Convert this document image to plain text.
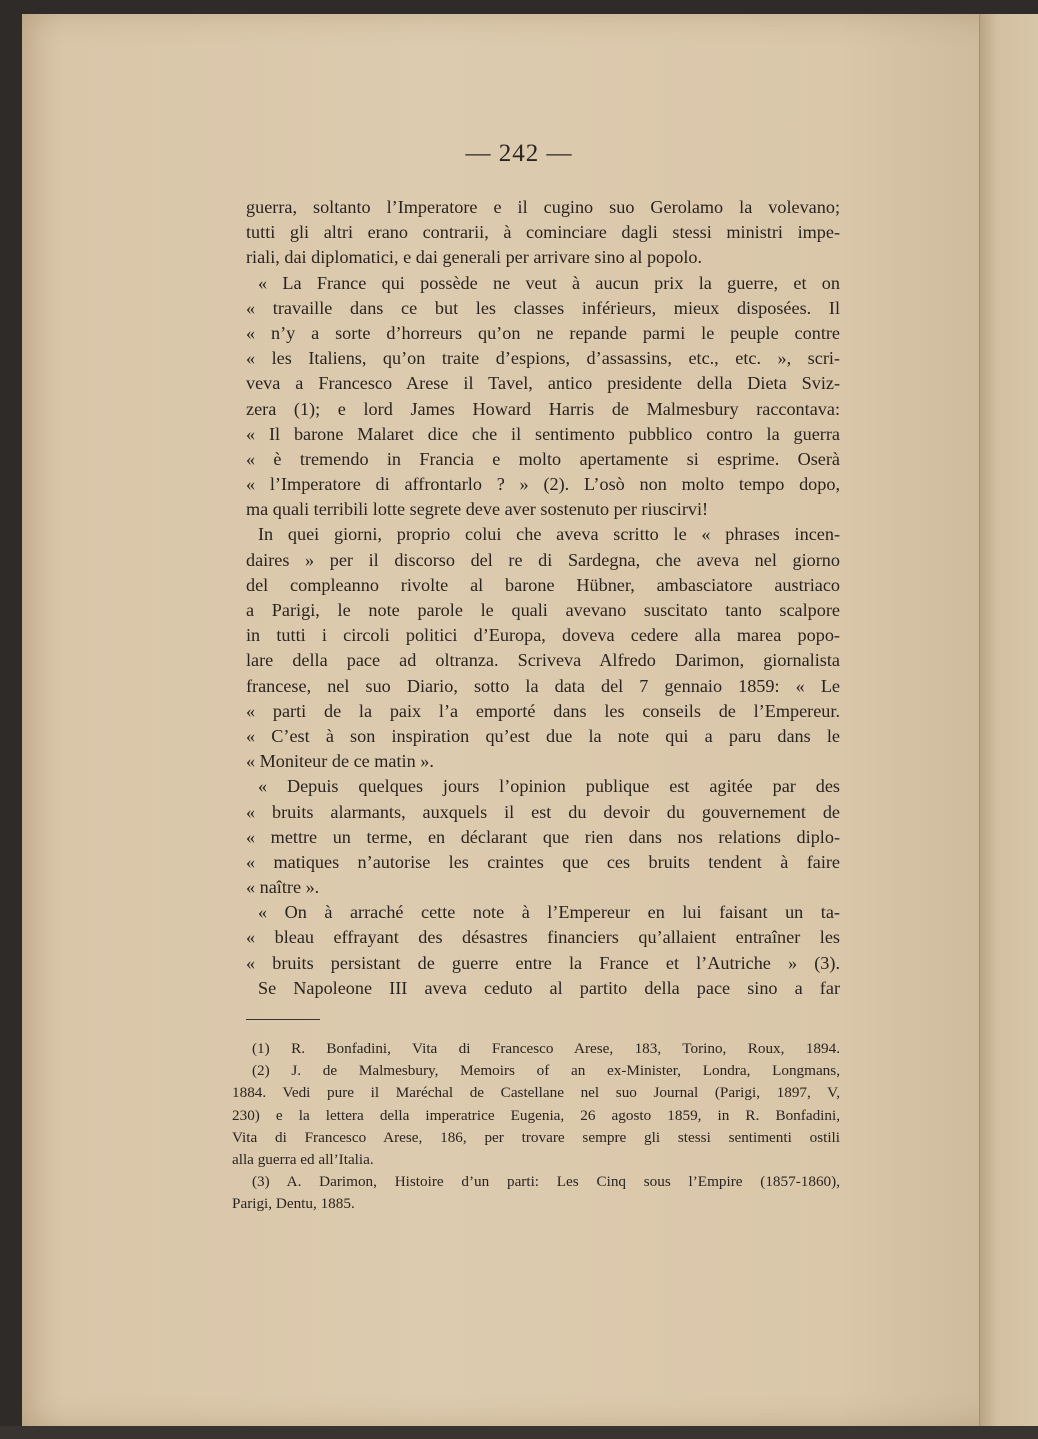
— 242 —
guerra, soltanto l’Imperatore e il cugino suo Gerolamo la volevano;
tutti gli altri erano contrarii, à cominciare dagli stessi ministri impe-
riali, dai diplomatici, e dai generali per arrivare sino al popolo.
« La France qui possède ne veut à aucun prix la guerre, et on
« travaille dans ce but les classes inférieurs, mieux disposées. Il
« n’y a sorte d’horreurs qu’on ne repande parmi le peuple contre
« les Italiens, qu’on traite d’espions, d’assassins, etc., etc. », scri-
veva a Francesco Arese il Tavel, antico presidente della Dieta Sviz-
zera (1); e lord James Howard Harris de Malmesbury raccontava:
« Il barone Malaret dice che il sentimento pubblico contro la guerra
« è tremendo in Francia e molto apertamente si esprime. Oserà
« l’Imperatore di affrontarlo ? » (2). L’osò non molto tempo dopo,
ma quali terribili lotte segrete deve aver sostenuto per riuscirvi!
In quei giorni, proprio colui che aveva scritto le « phrases incen-
daires » per il discorso del re di Sardegna, che aveva nel giorno
del compleanno rivolte al barone Hübner, ambasciatore austriaco
a Parigi, le note parole le quali avevano suscitato tanto scalpore
in tutti i circoli politici d’Europa, doveva cedere alla marea popo-
lare della pace ad oltranza. Scriveva Alfredo Darimon, giornalista
francese, nel suo Diario, sotto la data del 7 gennaio 1859: « Le
« parti de la paix l’a emporté dans les conseils de l’Empereur.
« C’est à son inspiration qu’est due la note qui a paru dans le
« Moniteur de ce matin ».
« Depuis quelques jours l’opinion publique est agitée par des
« bruits alarmants, auxquels il est du devoir du gouvernement de
« mettre un terme, en déclarant que rien dans nos relations diplo-
« matiques n’autorise les craintes que ces bruits tendent à faire
« naître ».
« On à arraché cette note à l’Empereur en lui faisant un ta-
« bleau effrayant des désastres financiers qu’allaient entraîner les
« bruits persistant de guerre entre la France et l’Autriche » (3).
Se Napoleone III aveva ceduto al partito della pace sino a far
(1) R. Bonfadini, Vita di Francesco Arese, 183, Torino, Roux, 1894.
(2) J. de Malmesbury, Memoirs of an ex-Minister, Londra, Longmans,
1884. Vedi pure il Maréchal de Castellane nel suo Journal (Parigi, 1897, V,
230) e la lettera della imperatrice Eugenia, 26 agosto 1859, in R. Bonfadini,
Vita di Francesco Arese, 186, per trovare sempre gli stessi sentimenti ostili
alla guerra ed all’Italia.
(3) A. Darimon, Histoire d’un parti: Les Cinq sous l’Empire (1857-1860),
Parigi, Dentu, 1885.
